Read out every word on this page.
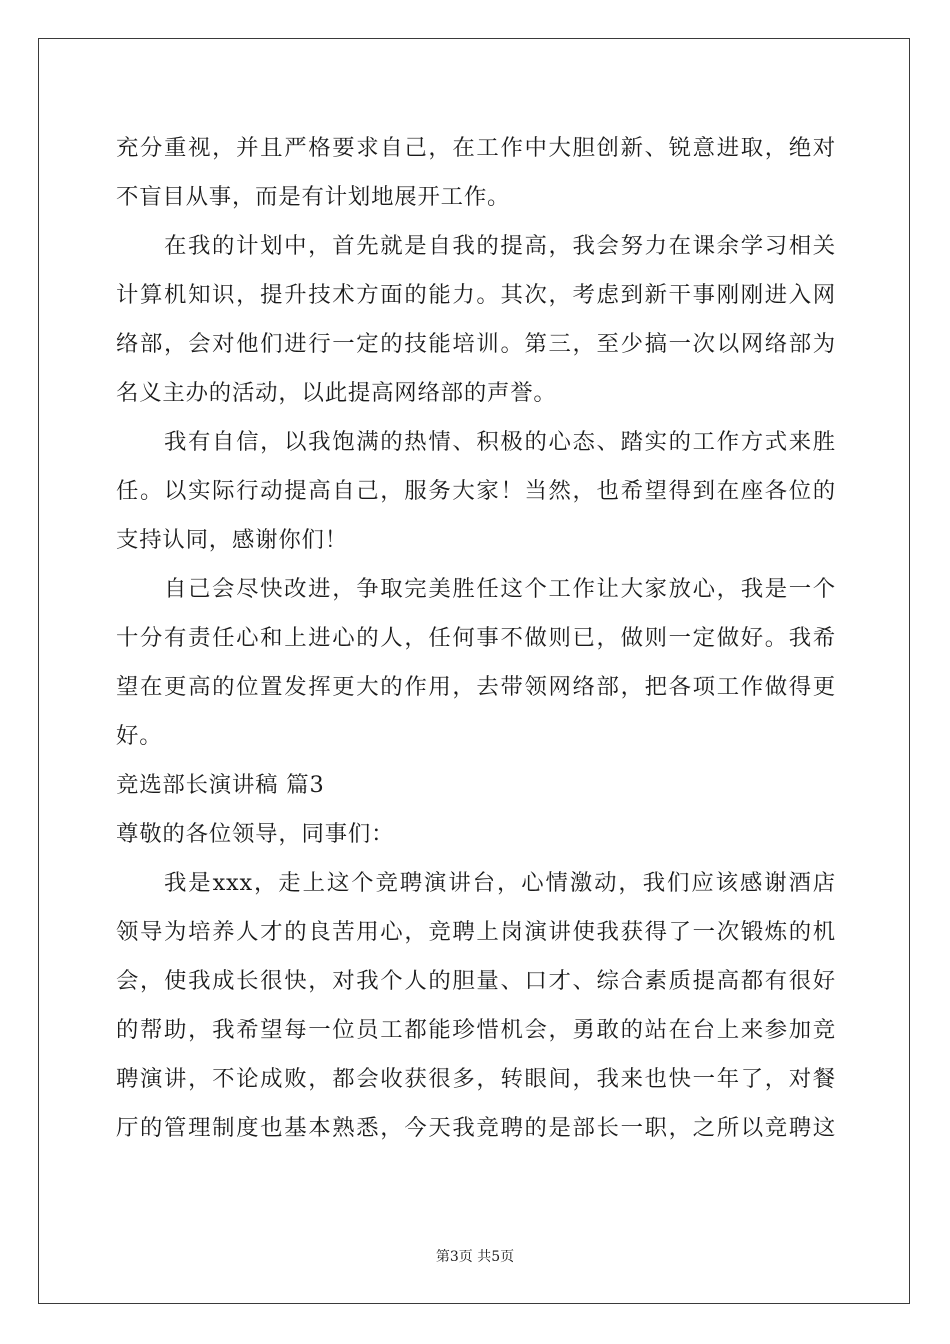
充分重视，并且严格要求自己，在工作中大胆创新、锐意进取，绝对
不盲目从事，而是有计划地展开工作。
在我的计划中，首先就是自我的提高，我会努力在课余学习相关
计算机知识，提升技术方面的能力。其次，考虑到新干事刚刚进入网
络部，会对他们进行一定的技能培训。第三，至少搞一次以网络部为
名义主办的活动，以此提高网络部的声誉。
我有自信，以我饱满的热情、积极的心态、踏实的工作方式来胜
任。以实际行动提高自己，服务大家！当然，也希望得到在座各位的
支持认同，感谢你们！
自己会尽快改进，争取完美胜任这个工作让大家放心，我是一个
十分有责任心和上进心的人，任何事不做则已，做则一定做好。我希
望在更高的位置发挥更大的作用，去带领网络部，把各项工作做得更
好。
竞选部长演讲稿 篇3
尊敬的各位领导，同事们：
我是xxx，走上这个竞聘演讲台，心情激动，我们应该感谢酒店
领导为培养人才的良苦用心，竞聘上岗演讲使我获得了一次锻炼的机
会，使我成长很快，对我个人的胆量、口才、综合素质提高都有很好
的帮助，我希望每一位员工都能珍惜机会，勇敢的站在台上来参加竞
聘演讲，不论成败，都会收获很多，转眼间，我来也快一年了，对餐
厅的管理制度也基本熟悉，今天我竞聘的是部长一职，之所以竞聘这
第3页 共5页
